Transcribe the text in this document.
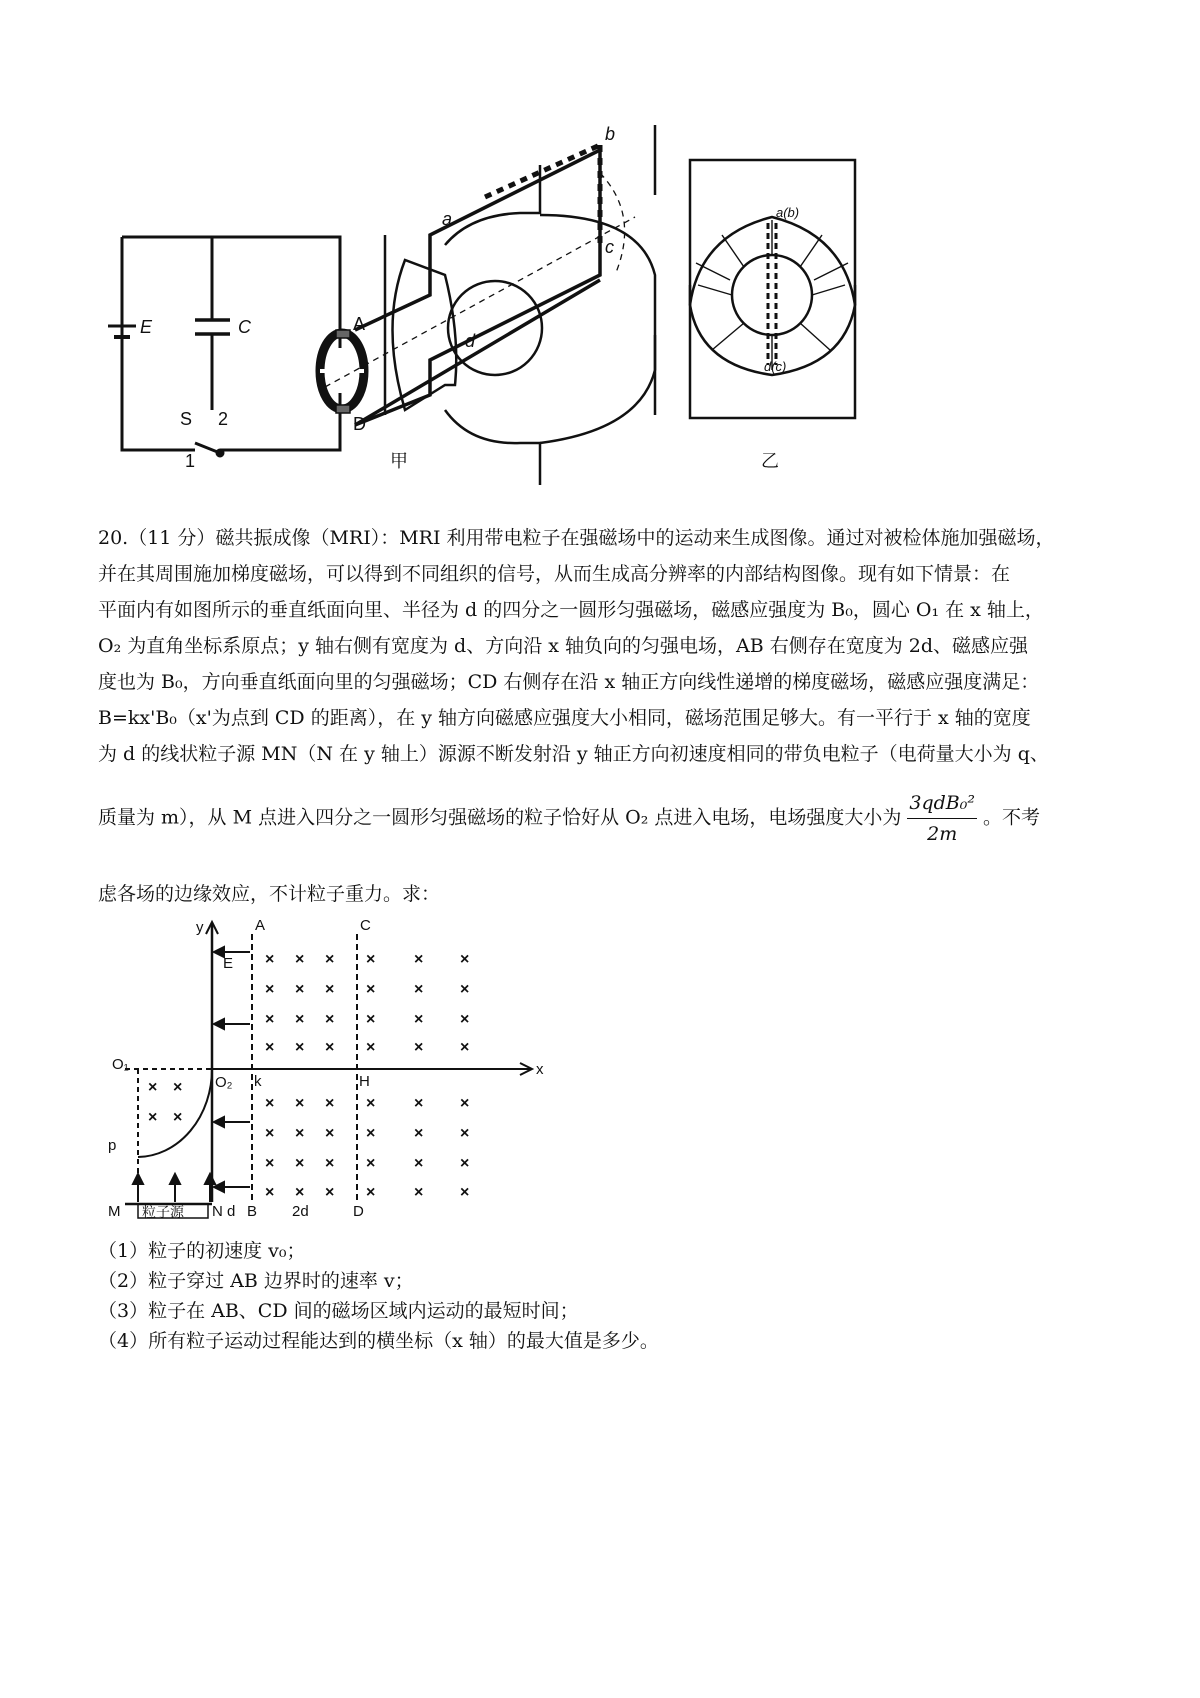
E	C
S 2
1
A
D
a
b
c
d
a(b)
d(c)
甲	乙
20.（11 分）磁共振成像（MRI）：MRI 利用带电粒子在强磁场中的运动来生成图像。通过对被检体施加强磁场，
并在其周围施加梯度磁场，可以得到不同组织的信号，从而生成高分辨率的内部结构图像。现有如下情景：在
平面内有如图所示的垂直纸面向里、半径为 d 的四分之一圆形匀强磁场，磁感应强度为 B₀，圆心 O₁ 在 x 轴上，
O₂ 为直角坐标系原点；y 轴右侧有宽度为 d、方向沿 x 轴负向的匀强电场，AB 右侧存在宽度为 2d、磁感应强
度也为 B₀，方向垂直纸面向里的匀强磁场；CD 右侧存在沿 x 轴正方向线性递增的梯度磁场，磁感应强度满足：
B=kx'B₀（x'为点到 CD 的距离），在 y 轴方向磁感应强度大小相同，磁场范围足够大。有一平行于 x 轴的宽度
为 d 的线状粒子源 MN（N 在 y 轴上）源源不断发射沿 y 轴正方向初速度相同的带负电粒子（电荷量大小为 q、
质量为 m），从 M 点进入四分之一圆形匀强磁场的粒子恰好从 O₂ 点进入电场，电场强度大小为 $\frac{\text{3qdB₀²}}{2m}$ 。不考
虑各场的边缘效应，不计粒子重力。求：
× ×
× ×
× × ×
× × ×
× × ×
× × ×
× × ×
× × ×
× × ×
× × ×
× × ×
× × ×
× × ×
× × ×
× × ×
× × ×
× × ×
× × ×
y
x
A	C
E
O₁
O₂ k	H
p
M 粒子源 N d B 2d	D
（1）粒子的初速度 v₀；
（2）粒子穿过 AB 边界时的速率 v；
（3）粒子在 AB、CD 间的磁场区域内运动的最短时间；
（4）所有粒子运动过程能达到的横坐标（x 轴）的最大值是多少。
